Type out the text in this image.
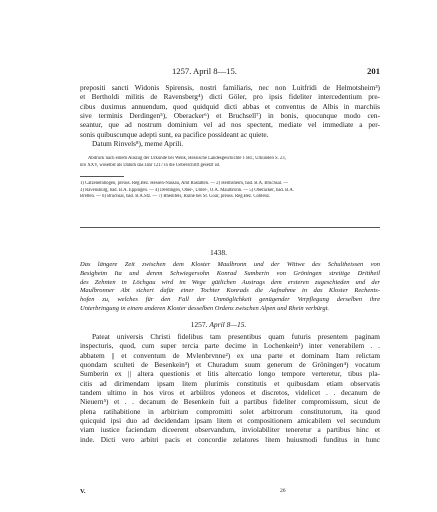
1257. April 8—15.	201
prepositi sancti Widonis Spirensis, nostri familiaris, nec non Luitfridi de Helmotsheim³)
et Bertholdi militis de Ravensberg⁴) dicti Göler, pro ipsis fideliter intercedentium pre-
cibus duximus annuendum, quod quidquid dicti abbas et conventus de Albis in marchiis
sive terminis Derdingen⁵), Oberacker⁶) et Bruchsell⁷) in bonis, quocunque modo cen-
seantur, que ad nostrum dominium vel ad nos spectent, mediate vel immediate a per-
sonis quibuscunque adepti sunt, ea pacifice possideant ac quiete.
Datum Rinvels⁸), meme Aprili.
Abdruck nach einem Auszug der Urkunde bei Wenk, Hessische Landesgeschichte 1 Bd., Urkunden S. 23,
nro XXV, woselbst als Datum das Jahr 1217 in die Ueberschrift gesetzt ist.
1) Catzenelnbogen, preuss. Reg.Bez. Hessen-Nassau, Amt Rastätten. — 2) Helmsheim, bad. B.A. Bruchsal. —
3) Ravensburg, bad. B.A. Eppingen. — 4) Derdingen, Ober-, Unter-, O.A. Maulbronn. — 5) Oberacker, bad. B.A.
Bretten. — 6) Bruchsal, bad. B.A.Stz. — 7) Rheinfels, Ruine bei St. Goar, preuss. Reg.Bez. Coblenz.
1438.
Das längere Zeit zwischen dem Kloster Maulbronn und der Wittwe des Schultheissen von
Besigheim Ita und derem Schwiegersohn Konrad Sumberin von Gröningen streitige Drittheil
des Zehnten in Löchgau wird im Wege gütlichen Austrags dem ersteren zugeschieden und der
Maulbronner Abt sichert dafür einer Tochter Konrads die Aufnahme in das Kloster Rechents-
hofen zu, welches für den Fall der Unmöglichkeit genügender Verpflegung derselben ihre
Unterbringung in einem anderen Kloster desselben Ordens zwischen Alpen und Rhein verbürgt.
1257. April 8—15.
Pateat universis Christi fidelibus tam presentibus quam futuris presentem paginam
inspecturis, quod, cum super tercia parte decime in Lochenkein¹) inter venerabilem . .
abbatem || et conventum de Mvlenbrvnne²) ex una parte et dominam Itam relictam
quondam sculteti de Besenkein³) et Churadum suum generum de Gröningen⁴) vocatum
Sumberin ex || altera questionis et litis altercatio longo tempore verteretur, tibus pla-
citis ad dirimendam ipsam litem plurimis constitutis et quibusdam etiam observatis
tandem ultimo in hos viros et arbiilros ydoneos et discretos, videlicet . . decanum de
Nieuern⁵) et . . decanum de Besenkein fuit a partibus fideliter compromissum, sicut de
plena ratihabitione in arbitrium compromitti solet arbitrorum constitutorum, ita quod
quicquid ipsi duo ad decidendam ipsam litem et compositionem amicabilem vel secundum
viam iustice faciendam diceerent observandum, inviolabiliter teneretur a partibus hinc et
inde. Dicti vero arbitri pacis et concordie zelatores litem huiusmodi funditus in hunc
V.	26
